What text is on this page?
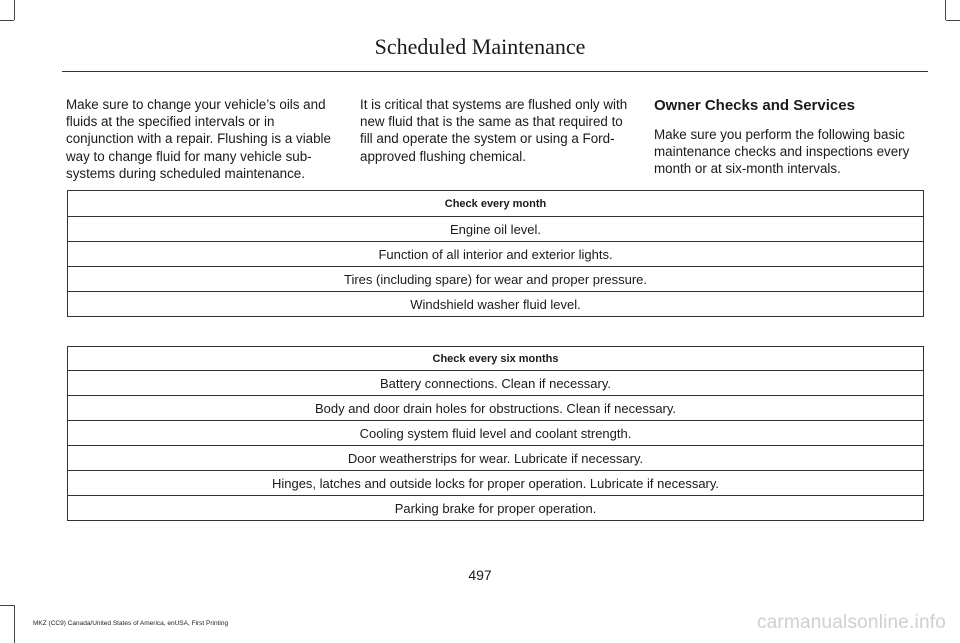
Scheduled Maintenance

Make sure to change your vehicle’s oils and fluids at the specified intervals or in conjunction with a repair. Flushing is a viable way to change fluid for many vehicle sub-systems during scheduled maintenance.

It is critical that systems are flushed only with new fluid that is the same as that required to fill and operate the system or using a Ford-approved flushing chemical.

Owner Checks and Services

Make sure you perform the following basic maintenance checks and inspections every month or at six-month intervals.

Check every month
Engine oil level.
Function of all interior and exterior lights.
Tires (including spare) for wear and proper pressure.
Windshield washer fluid level.
Check every six months
Battery connections. Clean if necessary.
Body and door drain holes for obstructions. Clean if necessary.
Cooling system fluid level and coolant strength.
Door weatherstrips for wear. Lubricate if necessary.
Hinges, latches and outside locks for proper operation. Lubricate if necessary.
Parking brake for proper operation.
497
MKZ (CC9) Canada/United States of America, enUSA, First Printing	carmanualsonline.info
